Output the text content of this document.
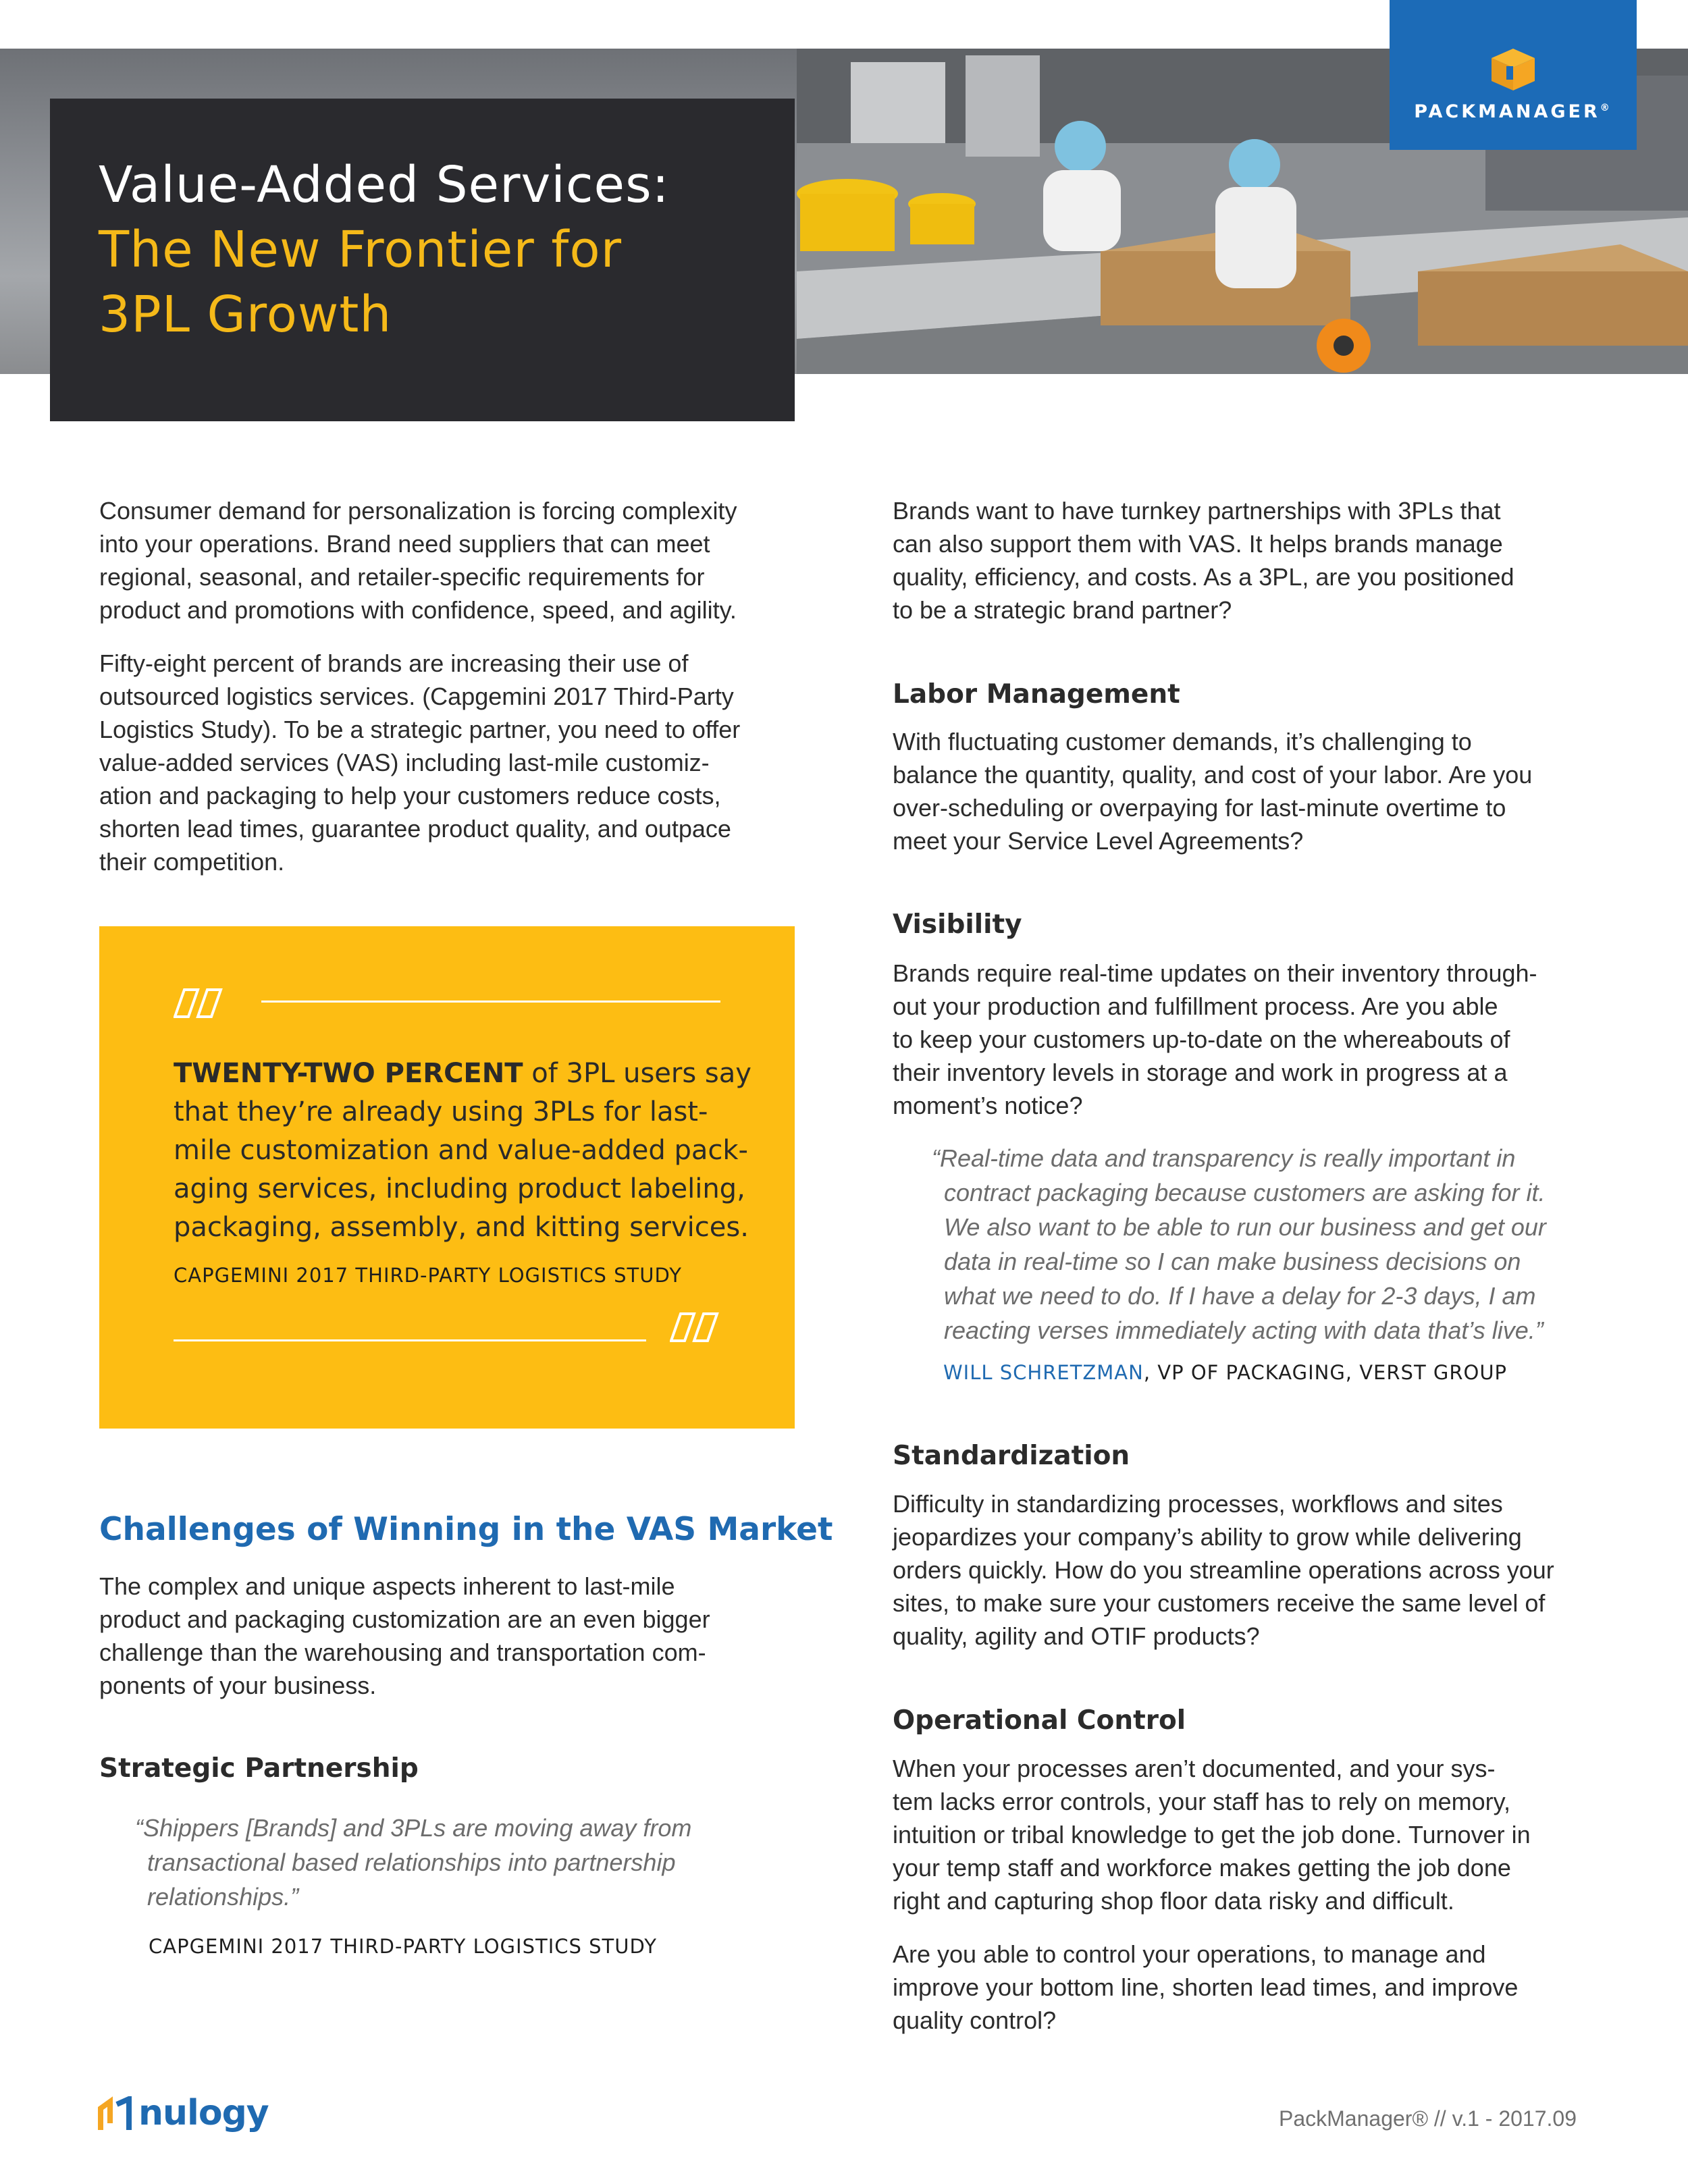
Value-Added Services:
The New Frontier for
3PL Growth
PACKMANAGER®
Consumer demand for personalization is forcing complexity
into your operations. Brand need suppliers that can meet
regional, seasonal, and retailer-specific requirements for
product and promotions with confidence, speed, and agility.
Fifty-eight percent of brands are increasing their use of
outsourced logistics services. (Capgemini 2017 Third-Party
Logistics Study). To be a strategic partner, you need to offer
value-added services (VAS) including last-mile customiz-
ation and packaging to help your customers reduce costs,
shorten lead times, guarantee product quality, and outpace
their competition.

TWENTY-TWO PERCENT of 3PL users say
that they’re already using 3PLs for last-
mile customization and value-added pack-
aging services, including product labeling,
packaging, assembly, and kitting services.

CAPGEMINI 2017 THIRD-PARTY LOGISTICS STUDY
Challenges of Winning in the VAS Market
The complex and unique aspects inherent to last-mile
product and packaging customization are an even bigger
challenge than the warehousing and transportation com-
ponents of your business.
Strategic Partnership
“Shippers [Brands] and 3PLs are moving away from
transactional based relationships into partnership
relationships.”
CAPGEMINI 2017 THIRD-PARTY LOGISTICS STUDY
Brands want to have turnkey partnerships with 3PLs that
can also support them with VAS. It helps brands manage
quality, efficiency, and costs. As a 3PL, are you positioned
to be a strategic brand partner?
Labor Management
With fluctuating customer demands, it’s challenging to
balance the quantity, quality, and cost of your labor. Are you
over-scheduling or overpaying for last-minute overtime to
meet your Service Level Agreements?
Visibility
Brands require real-time updates on their inventory through-
out your production and fulfillment process. Are you able
to keep your customers up-to-date on the whereabouts of
their inventory levels in storage and work in progress at a
moment’s notice?
“Real-time data and transparency is really important in
contract packaging because customers are asking for it.
We also want to be able to run our business and get our
data in real-time so I can make business decisions on
what we need to do. If I have a delay for 2-3 days, I am
reacting verses immediately acting with data that’s live.”
WILL SCHRETZMAN, VP OF PACKAGING, VERST GROUP
Standardization
Difficulty in standardizing processes, workflows and sites
jeopardizes your company’s ability to grow while delivering
orders quickly. How do you streamline operations across your
sites, to make sure your customers receive the same level of
quality, agility and OTIF products?
Operational Control
When your processes aren’t documented, and your sys-
tem lacks error controls, your staff has to rely on memory,
intuition or tribal knowledge to get the job done. Turnover in
your temp staff and workforce makes getting the job done
right and capturing shop floor data risky and difficult.
Are you able to control your operations, to manage and
improve your bottom line, shorten lead times, and improve
quality control?
nulogy	PackManager® // v.1 - 2017.09
